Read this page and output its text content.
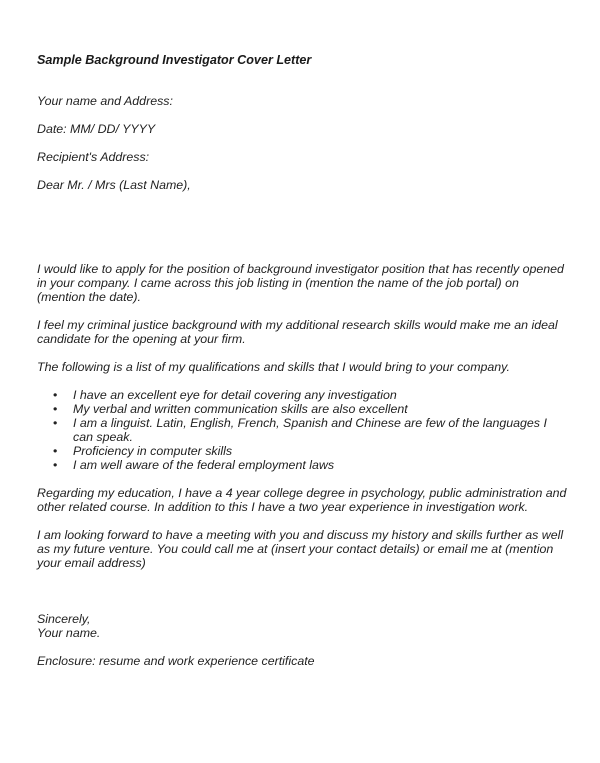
Sample Background Investigator Cover Letter
Your name and Address:
Date: MM/ DD/ YYYY
Recipient's Address:
Dear Mr. / Mrs (Last Name),
I would like to apply for the position of background investigator position that has recently opened in your company. I came across this job listing in (mention the name of the job portal) on (mention the date).
I feel my criminal justice background with my additional research skills would make me an ideal candidate for the opening at your firm.
The following is a list of my qualifications and skills that I would bring to your company.
• I have an excellent eye for detail covering any investigation
• My verbal and written communication skills are also excellent
• I am a linguist. Latin, English, French, Spanish and Chinese are few of the languages I can speak.
• Proficiency in computer skills
• I am well aware of the federal employment laws
Regarding my education, I have a 4 year college degree in psychology, public administration and other related course. In addition to this I have a two year experience in investigation work.
I am looking forward to have a meeting with you and discuss my history and skills further as well as my future venture. You could call me at (insert your contact details) or email me at (mention your email address)
Sincerely,
Your name.
Enclosure: resume and work experience certificate
